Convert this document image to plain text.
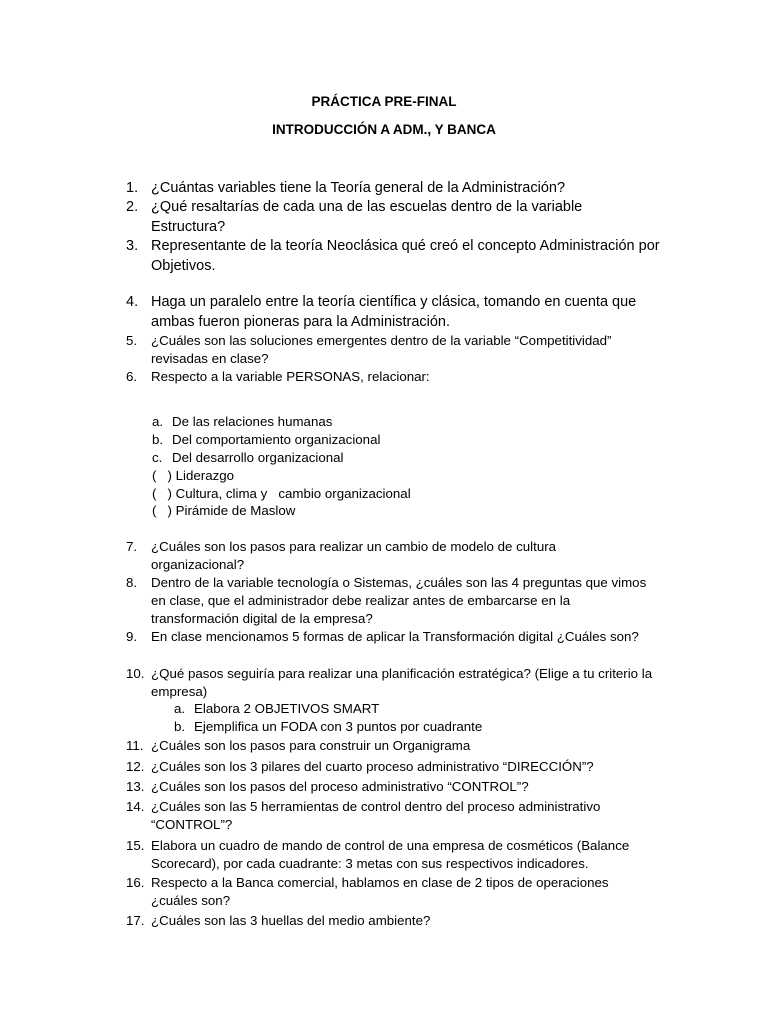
PRÁCTICA PRE-FINAL
INTRODUCCIÓN A ADM., Y BANCA
1. ¿Cuántas variables tiene la Teoría general de la Administración?
2. ¿Qué resaltarías de cada una de las escuelas dentro de la variable Estructura?
3. Representante de la teoría Neoclásica qué creó el concepto Administración por Objetivos.
4. Haga un paralelo entre la teoría científica y clásica, tomando en cuenta que ambas fueron pioneras para la Administración.
5.	¿Cuáles son las soluciones emergentes dentro de la variable “Competitividad” revisadas en clase?
6.	Respecto a la variable PERSONAS, relacionar:
a. De las relaciones humanas
b. Del comportamiento organizacional
c. Del desarrollo organizacional
(   ) Liderazgo
(   ) Cultura, clima y   cambio organizacional
(   ) Pirámide de Maslow
7.	¿Cuáles son los pasos para realizar un cambio de modelo de cultura organizacional?
8.	Dentro de la variable tecnología o Sistemas, ¿cuáles son las 4 preguntas que vimos en clase, que el administrador debe realizar antes de embarcarse en la transformación digital de la empresa?
9.	En clase mencionamos 5 formas de aplicar la Transformación digital ¿Cuáles son?
10. ¿Qué pasos seguiría para realizar una planificación estratégica? (Elige a tu criterio la empresa)
a. Elabora 2 OBJETIVOS SMART
b. Ejemplifica un FODA con 3 puntos por cuadrante
11. ¿Cuáles son los pasos para construir un Organigrama
12. ¿Cuáles son los 3 pilares del cuarto proceso administrativo “DIRECCIÓN”?
13. ¿Cuáles son los pasos del proceso administrativo “CONTROL”?
14. ¿Cuáles son las 5 herramientas de control dentro del proceso administrativo “CONTROL”?
15. Elabora un cuadro de mando de control de una empresa de cosméticos (Balance Scorecard), por cada cuadrante: 3 metas con sus respectivos indicadores.
16. Respecto a la Banca comercial, hablamos en clase de 2 tipos de operaciones ¿cuáles son?
17. ¿Cuáles son las 3 huellas del medio ambiente?
